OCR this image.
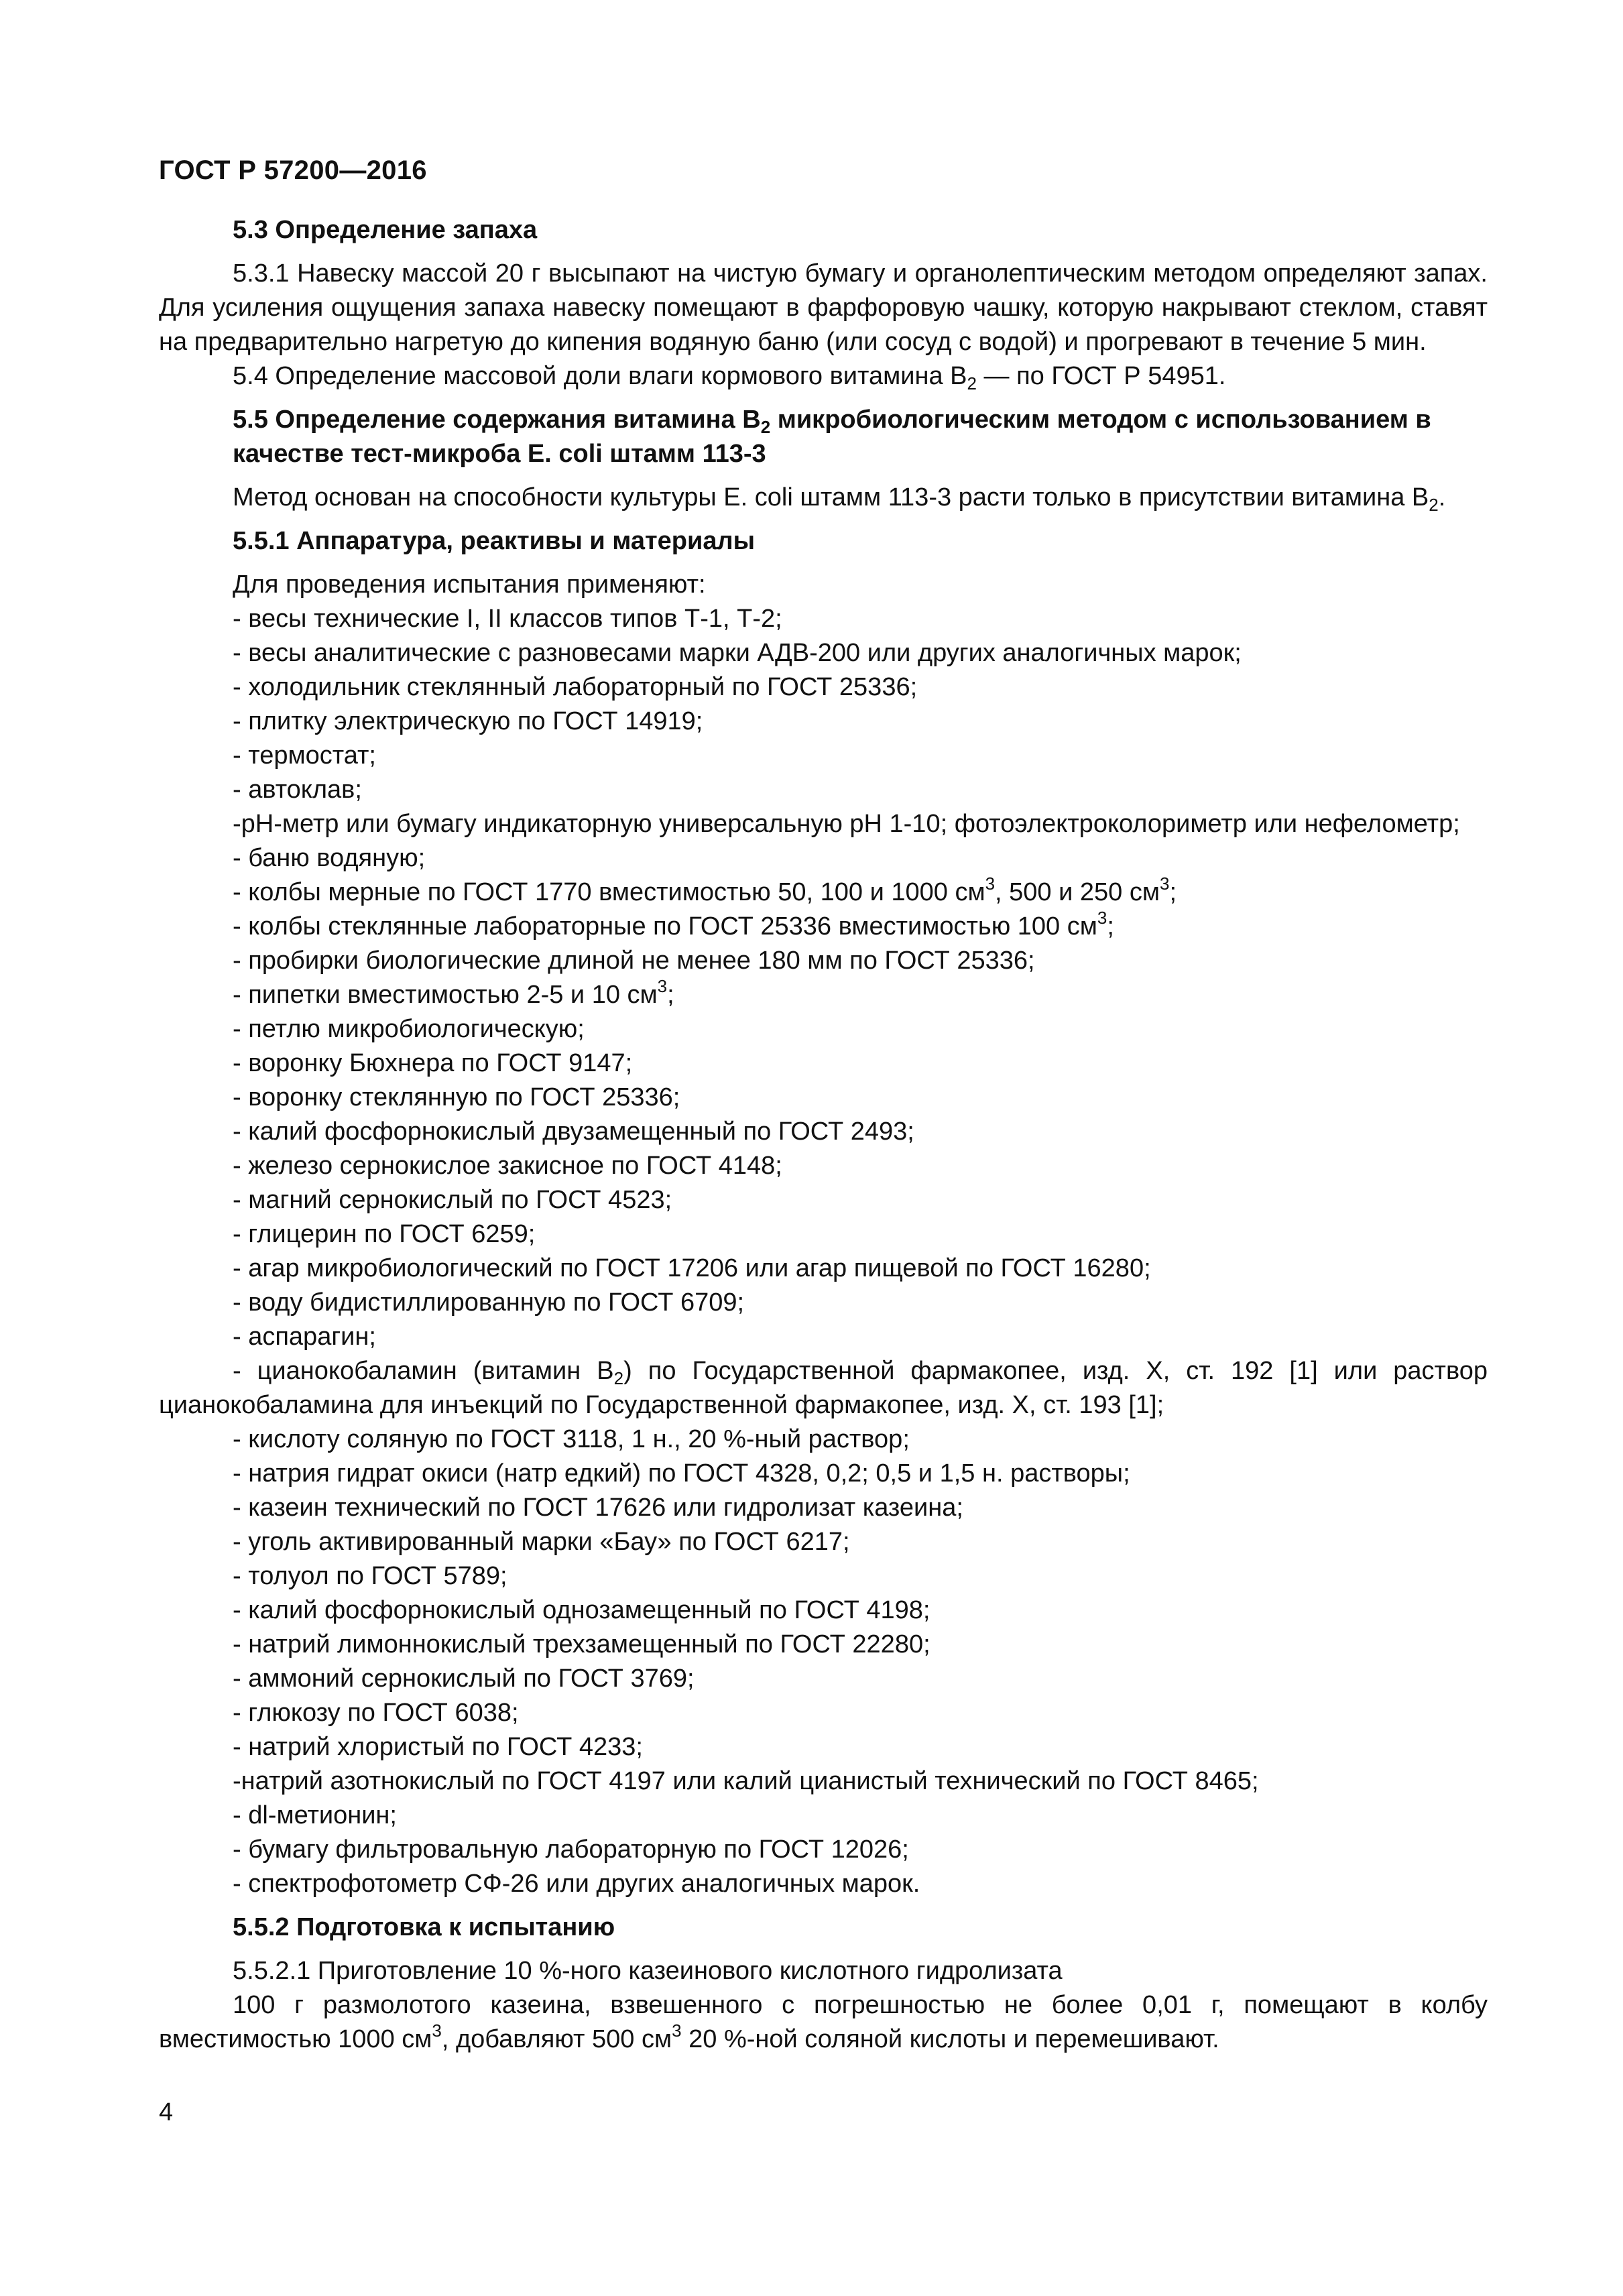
ГОСТ Р 57200—2016

5.3 Определение запаха

5.3.1 Навеску массой 20 г высыпают на чистую бумагу и органолептическим методом определяют запах. Для усиления ощущения запаха навеску помещают в фарфоровую чашку, которую накрывают стеклом, ставят на предварительно нагретую до кипения водяную баню (или сосуд с водой) и прогревают в течение 5 мин.

5.4 Определение массовой доли влаги кормового витамина $B_2$ — по ГОСТ Р 54951.

5.5 Определение содержания витамина $B_2$ микробиологическим методом с использованием в качестве тест-микроба E. coli штамм 113-3

Метод основан на способности культуры E. coli штамм 113-3 расти только в присутствии витамина $B_2$.

5.5.1 Аппаратура, реактивы и материалы

Для проведения испытания применяют:

- весы технические I, II классов типов Т-1, Т-2;

- весы аналитические с разновесами марки АДВ-200 или других аналогичных марок;

- холодильник стеклянный лабораторный по ГОСТ 25336;

- плитку электрическую по ГОСТ 14919;

- термостат;

- автоклав;

-pH-метр или бумагу индикаторную универсальную pH 1-10; фотоэлектроколориметр или нефелометр;

- баню водяную;

- колбы мерные по ГОСТ 1770 вместимостью 50, 100 и 1000 $см^3$, 500 и 250 $см^3$;

- колбы стеклянные лабораторные по ГОСТ 25336 вместимостью 100 $см^3$;

- пробирки биологические длиной не менее 180 мм по ГОСТ 25336;

- пипетки вместимостью 2-5 и 10 $см^3$;

- петлю микробиологическую;

- воронку Бюхнера по ГОСТ 9147;

- воронку стеклянную по ГОСТ 25336;

- калий фосфорнокислый двузамещенный по ГОСТ 2493;

- железо сернокислое закисное по ГОСТ 4148;

- магний сернокислый по ГОСТ 4523;

- глицерин по ГОСТ 6259;

- агар микробиологический по ГОСТ 17206 или агар пищевой по ГОСТ 16280;

- воду бидистиллированную по ГОСТ 6709;

- аспарагин;

- цианокобаламин (витамин $B_2$) по Государственной фармакопее, изд. X, ст. 192 [1] или раствор цианокобаламина для инъекций по Государственной фармакопее, изд. X, ст. 193 [1];

- кислоту соляную по ГОСТ 3118, 1 н., 20 %-ный раствор;

- натрия гидрат окиси (натр едкий) по ГОСТ 4328, 0,2; 0,5 и 1,5 н. растворы;

- казеин технический по ГОСТ 17626 или гидролизат казеина;

- уголь активированный марки «Бау» по ГОСТ 6217;

- толуол по ГОСТ 5789;

- калий фосфорнокислый однозамещенный по ГОСТ 4198;

- натрий лимоннокислый трехзамещенный по ГОСТ 22280;

- аммоний сернокислый по ГОСТ 3769;

- глюкозу по ГОСТ 6038;

- натрий хлористый по ГОСТ 4233;

-натрий азотнокислый по ГОСТ 4197 или калий цианистый технический по ГОСТ 8465;

- dl-метионин;

- бумагу фильтровальную лабораторную по ГОСТ 12026;

- спектрофотометр СФ-26 или других аналогичных марок.

5.5.2 Подготовка к испытанию

5.5.2.1 Приготовление 10 %-ного казеинового кислотного гидролизата

100 г размолотого казеина, взвешенного с погрешностью не более 0,01 г, помещают в колбу вместимостью 1000 $см^3$, добавляют 500 $см^3$ 20 %-ной соляной кислоты и перемешивают.

4
